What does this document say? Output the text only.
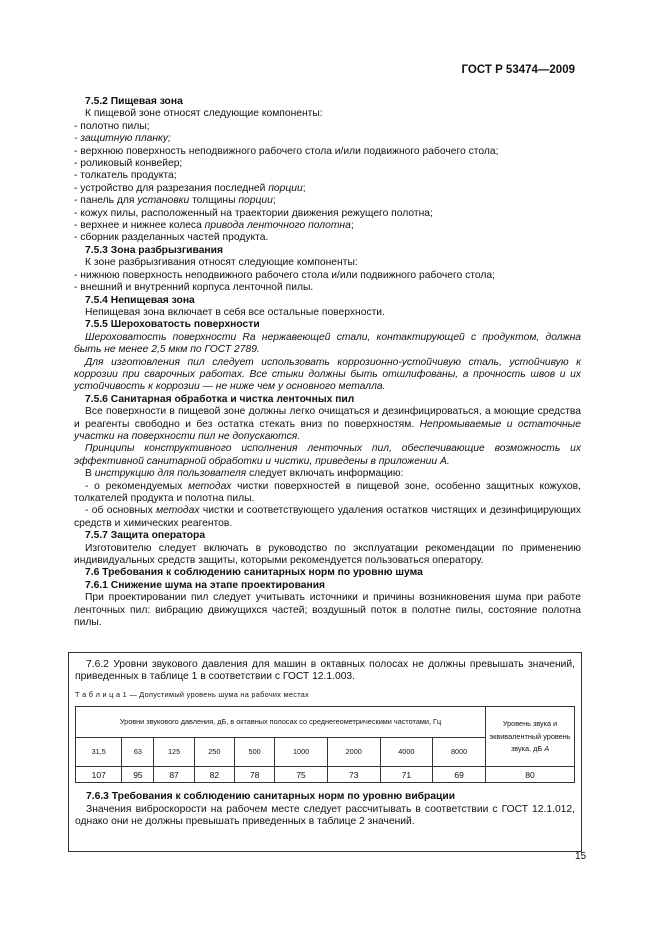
ГОСТ Р 53474—2009

7.5.2 Пищевая зона

К пищевой зоне относят следующие компоненты:

- полотно пилы;

- защитную планку;

- верхнюю поверхность неподвижного рабочего стола и/или подвижного рабочего стола;

- роликовый конвейер;

- толкатель продукта;

- устройство для разрезания последней порции;

- панель для установки толщины порции;

- кожух пилы, расположенный на траектории движения режущего полотна;

- верхнее и нижнее колеса привода ленточного полотна;

- сборник разделанных частей продукта.

7.5.3 Зона разбрызгивания

К зоне разбрызгивания относят следующие компоненты:

- нижнюю поверхность неподвижного рабочего стола и/или подвижного рабочего стола;

- внешний и внутренний корпуса ленточной пилы.

7.5.4 Непищевая зона

Непищевая зона включает в себя все остальные поверхности.

7.5.5 Шероховатость поверхности

Шероховатость поверхности Ra нержавеющей стали, контактирующей с продуктом, должна быть не менее 2,5 мкм по ГОСТ 2789.

Для изготовления пил следует использовать коррозионно-устойчивую сталь, устойчивую к коррозии при сварочных работах. Все стыки должны быть отшлифованы, а прочность швов и их устойчивость к коррозии — не ниже чем у основного металла.

7.5.6 Санитарная обработка и чистка ленточных пил

Все поверхности в пищевой зоне должны легко очищаться и дезинфицироваться, а моющие средства и реагенты свободно и без остатка стекать вниз по поверхностям. Непромываемые и остаточные участки на поверхности пил не допускаются.

Принципы конструктивного исполнения ленточных пил, обеспечивающие возможность их эффективной санитарной обработки и чистки, приведены в приложении А.

В инструкцию для пользователя следует включать информацию:

- о рекомендуемых методах чистки поверхностей в пищевой зоне, особенно защитных кожухов, толкателей продукта и полотна пилы.

- об основных методах чистки и соответствующего удаления остатков чистящих и дезинфицирующих средств и химических реагентов.

7.5.7 Защита оператора

Изготовителю следует включать в руководство по эксплуатации рекомендации по применению индивидуальных средств защиты, которыми рекомендуется пользоваться оператору.

7.6 Требования к соблюдению санитарных норм по уровню шума

7.6.1 Снижение шума на этапе проектирования

При проектировании пил следует учитывать источники и причины возникновения шума при работе ленточных пил: вибрацию движущихся частей; воздушный поток в полотне пилы, состояние полотна пилы.

7.6.2 Уровни звукового давления для машин в октавных полосах не должны превышать значений, приведенных в таблице 1 в соответствии с ГОСТ 12.1.003.

Т а б л и ц а 1 — Допустимый уровень шума на рабочих местах
Уровни звукового давления, дБ, в октавных полосах со среднегеометрическими частотами, Гц									Уровень звука и эквивалентный уровень звука, дБ А
31,5	63	125	250	500	1000	2000	4000	8000	
107	95	87	82	78	75	73	71	69	80

7.6.3 Требования к соблюдению санитарных норм по уровню вибрации

Значения виброскорости на рабочем месте следует рассчитывать в соответствии с ГОСТ 12.1.012, однако они не должны превышать приведенных в таблице 2 значений.

15
